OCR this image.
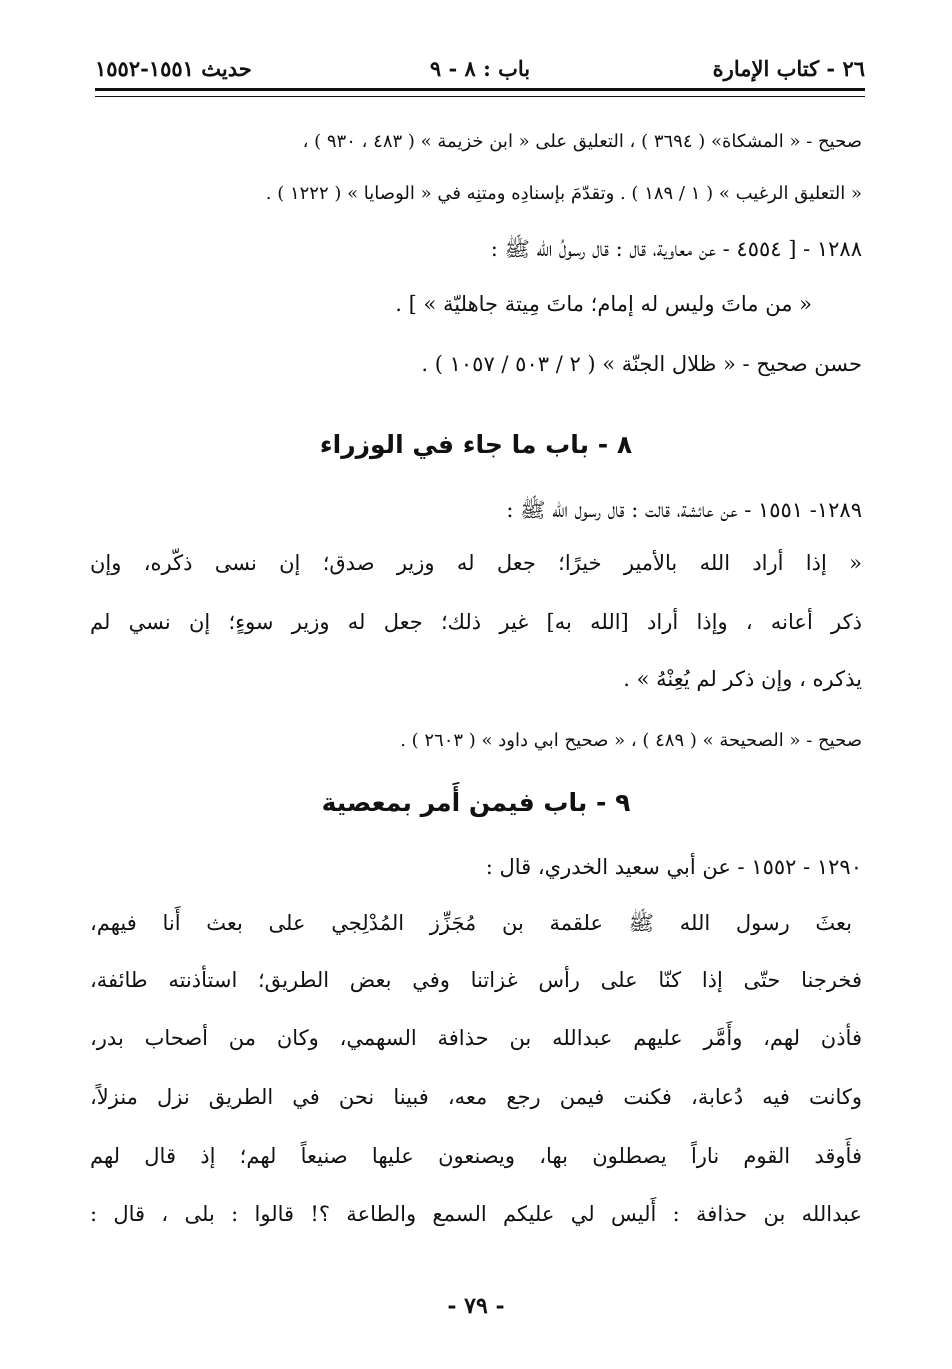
٢٦ - كتاب الإمارة
باب : ٨ - ٩
حديث ١٥٥١-١٥٥٢
صحيح - « المشكاة» ( ٣٦٩٤ ) ، التعليق على « ابن خزيمة » ( ٤٨٣ ، ٩٣٠ ) ،
« التعليق الرغيب » ( ١ / ١٨٩ ) . وتقدّمَ بإسنادِه ومتنِه في « الوصايا » ( ١٢٢٢ ) .
١٢٨٨ - [ ٤٥٥٤ - عن معاوية، قال : قال رسولُ الله ﷺ :
« من ماتَ وليس له إمام؛ ماتَ مِيتة جاهليّة » ] .
حسن صحيح - « ظلال الجنّة » ( ٢ / ٥٠٣ / ١٠٥٧ ) .
٨ - باب ما جاء في الوزراء
١٢٨٩- ١٥٥١ - عن عائشة، قالت : قال رسول الله ﷺ :
« إذا أراد الله بالأمير خيرًا؛ جعل له وزير صدق؛ إن نسى ذكّره، وإن
ذكر أعانه ، وإذا أراد [الله به] غير ذلك؛ جعل له وزير سوءٍ؛ إن نسي لم
يذكره ، وإن ذكر لم يُعِنْهُ » .
صحيح - « الصحيحة » ( ٤٨٩ ) ، « صحيح ابي داود » ( ٢٦٠٣ ) .
٩ - باب فيمن أَمر بمعصية
١٢٩٠ - ١٥٥٢ - عن أبي سعيد الخدري، قال :
بعثَ رسول الله ﷺ علقمة بن مُجَزِّز المُدْلِجي على بعث أَنا فيهم،
فخرجنا حتّى إذا كنّا على رأس غزاتنا وفي بعض الطريق؛ استأذنته طائفة،
فأذن لهم، وأَمَّر عليهم عبدالله بن حذافة السهمي، وكان من أصحاب بدر،
وكانت فيه دُعابة، فكنت فيمن رجع معه، فبينا نحن في الطريق نزل منزلاً،
فأَوقد القوم ناراً يصطلون بها، ويصنعون عليها صنيعاً لهم؛ إذ قال لهم
عبدالله بن حذافة : أَليس لي عليكم السمع والطاعة ؟! قالوا : بلى ، قال :
- ٧٩ -
